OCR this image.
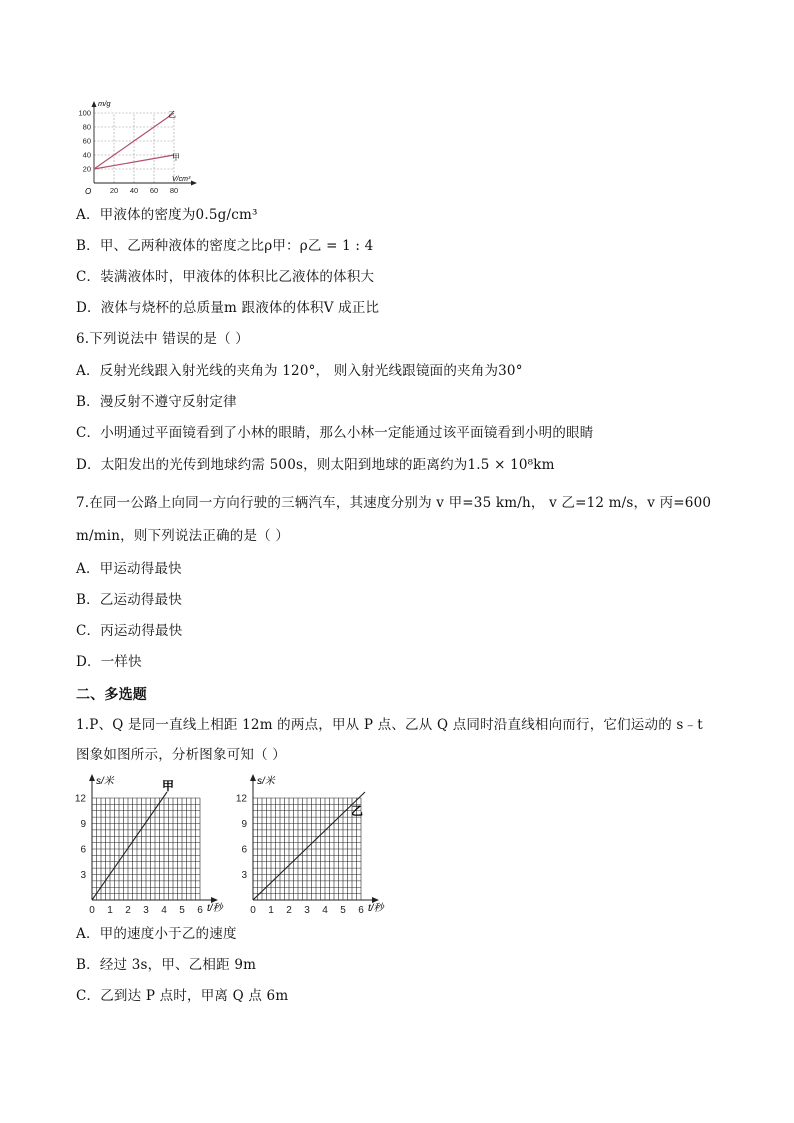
20
40
60
80
100
20 40 60 80
m/g
V/cm³
O
乙
甲
A．甲液体的密度为0.5g/cm³
B．甲、乙两种液体的密度之比ρ甲：ρ乙 = 1 : 4
C．装满液体时，甲液体的体积比乙液体的体积大
D．液体与烧杯的总质量m 跟液体的体积V 成正比
6.下列说法中 错误的是（ ）
A．反射光线跟入射光线的夹角为 120°， 则入射光线跟镜面的夹角为30°
B．漫反射不遵守反射定律
C．小明通过平面镜看到了小林的眼睛，那么小林一定能通过该平面镜看到小明的眼睛
D．太阳发出的光传到地球约需 500s，则太阳到地球的距离约为1.5 × 10⁸km
7.在同一公路上向同一方向行驶的三辆汽车，其速度分别为 v 甲=35 km/h， v 乙=12 m/s，v 丙=600
m/min，则下列说法正确的是（ ）
A．甲运动得最快
B．乙运动得最快
C．丙运动得最快
D．一样快
二、多选题
1.P、Q 是同一直线上相距 12m 的两点，甲从 P 点、乙从 Q 点同时沿直线相向而行，它们运动的 s﹣t
图象如图所示，分析图象可知（ ）
3
6
9
12
0 1 2 3 4 5 6
s/米
t/秒
甲
3
6
9
12
0 1 2 3 4 5 6
s/米
t/秒
乙
A．甲的速度小于乙的速度
B．经过 3s，甲、乙相距 9m
C．乙到达 P 点时，甲离 Q 点 6m
